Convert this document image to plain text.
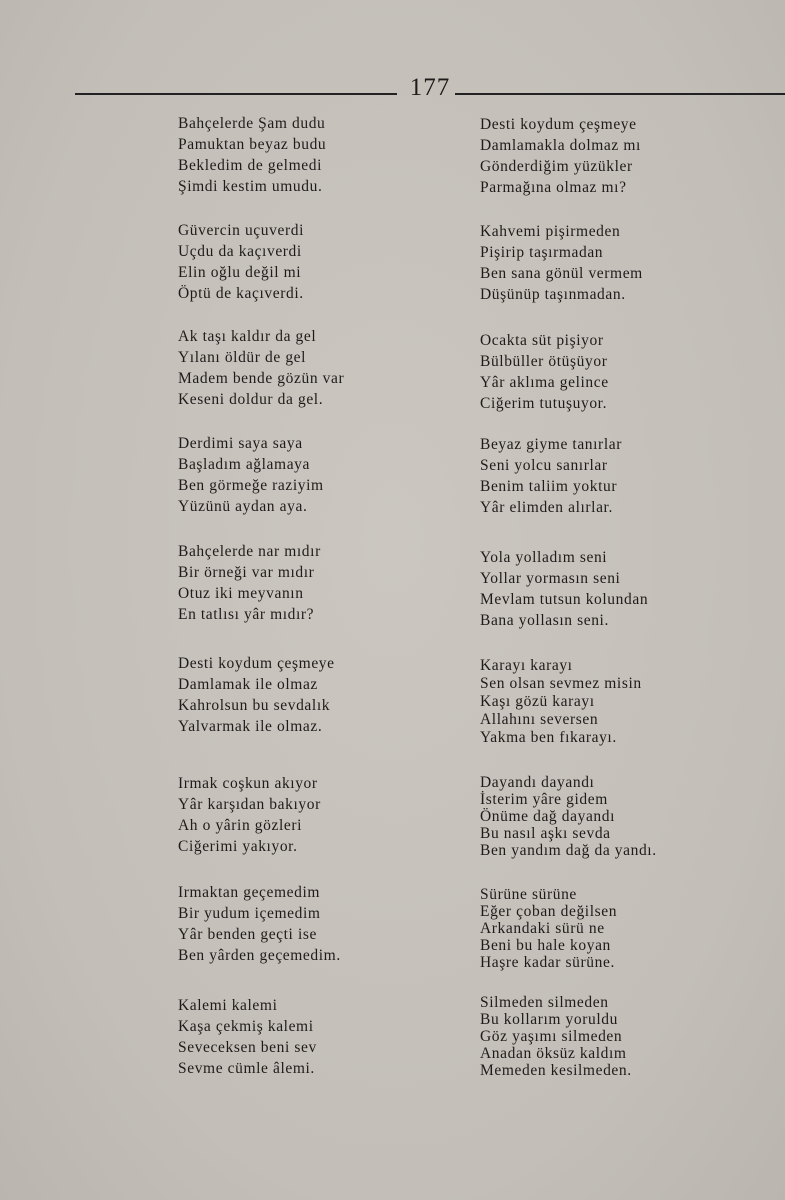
177
Bahçelerde Şam dudu
Pamuktan beyaz budu
Bekledim de gelmedi
Şimdi kestim umudu.
Güvercin uçuverdi
Uçdu da kaçıverdi
Elin oğlu değil mi
Öptü de kaçıverdi.
Ak taşı kaldır da gel
Yılanı öldür de gel
Madem bende gözün var
Keseni doldur da gel.
Derdimi saya saya
Başladım ağlamaya
Ben görmeğe raziyim
Yüzünü aydan aya.
Bahçelerde nar mıdır
Bir örneği var mıdır
Otuz iki meyvanın
En tatlısı yâr mıdır?
Desti koydum çeşmeye
Damlamak ile olmaz
Kahrolsun bu sevdalık
Yalvarmak ile olmaz.
Irmak coşkun akıyor
Yâr karşıdan bakıyor
Ah o yârin gözleri
Ciğerimi yakıyor.
Irmaktan geçemedim
Bir yudum içemedim
Yâr benden geçti ise
Ben yârden geçemedim.
Kalemi kalemi
Kaşa çekmiş kalemi
Seveceksen beni sev
Sevme cümle âlemi.
Desti koydum çeşmeye
Damlamakla dolmaz mı
Gönderdiğim yüzükler
Parmağına olmaz mı?
Kahvemi pişirmeden
Pişirip taşırmadan
Ben sana gönül vermem
Düşünüp taşınmadan.
Ocakta süt pişiyor
Bülbüller ötüşüyor
Yâr aklıma gelince
Ciğerim tutuşuyor.
Beyaz giyme tanırlar
Seni yolcu sanırlar
Benim taliim yoktur
Yâr elimden alırlar.
Yola yolladım seni
Yollar yormasın seni
Mevlam tutsun kolundan
Bana yollasın seni.
Karayı karayı
Sen olsan sevmez misin
Kaşı gözü karayı
Allahını seversen
Yakma ben fıkarayı.
Dayandı dayandı
İsterim yâre gidem
Önüme dağ dayandı
Bu nasıl aşkı sevda
Ben yandım dağ da yandı.
Sürüne sürüne
Eğer çoban değilsen
Arkandaki sürü ne
Beni bu hale koyan
Haşre kadar sürüne.
Silmeden silmeden
Bu kollarım yoruldu
Göz yaşımı silmeden
Anadan öksüz kaldım
Memeden kesilmeden.
